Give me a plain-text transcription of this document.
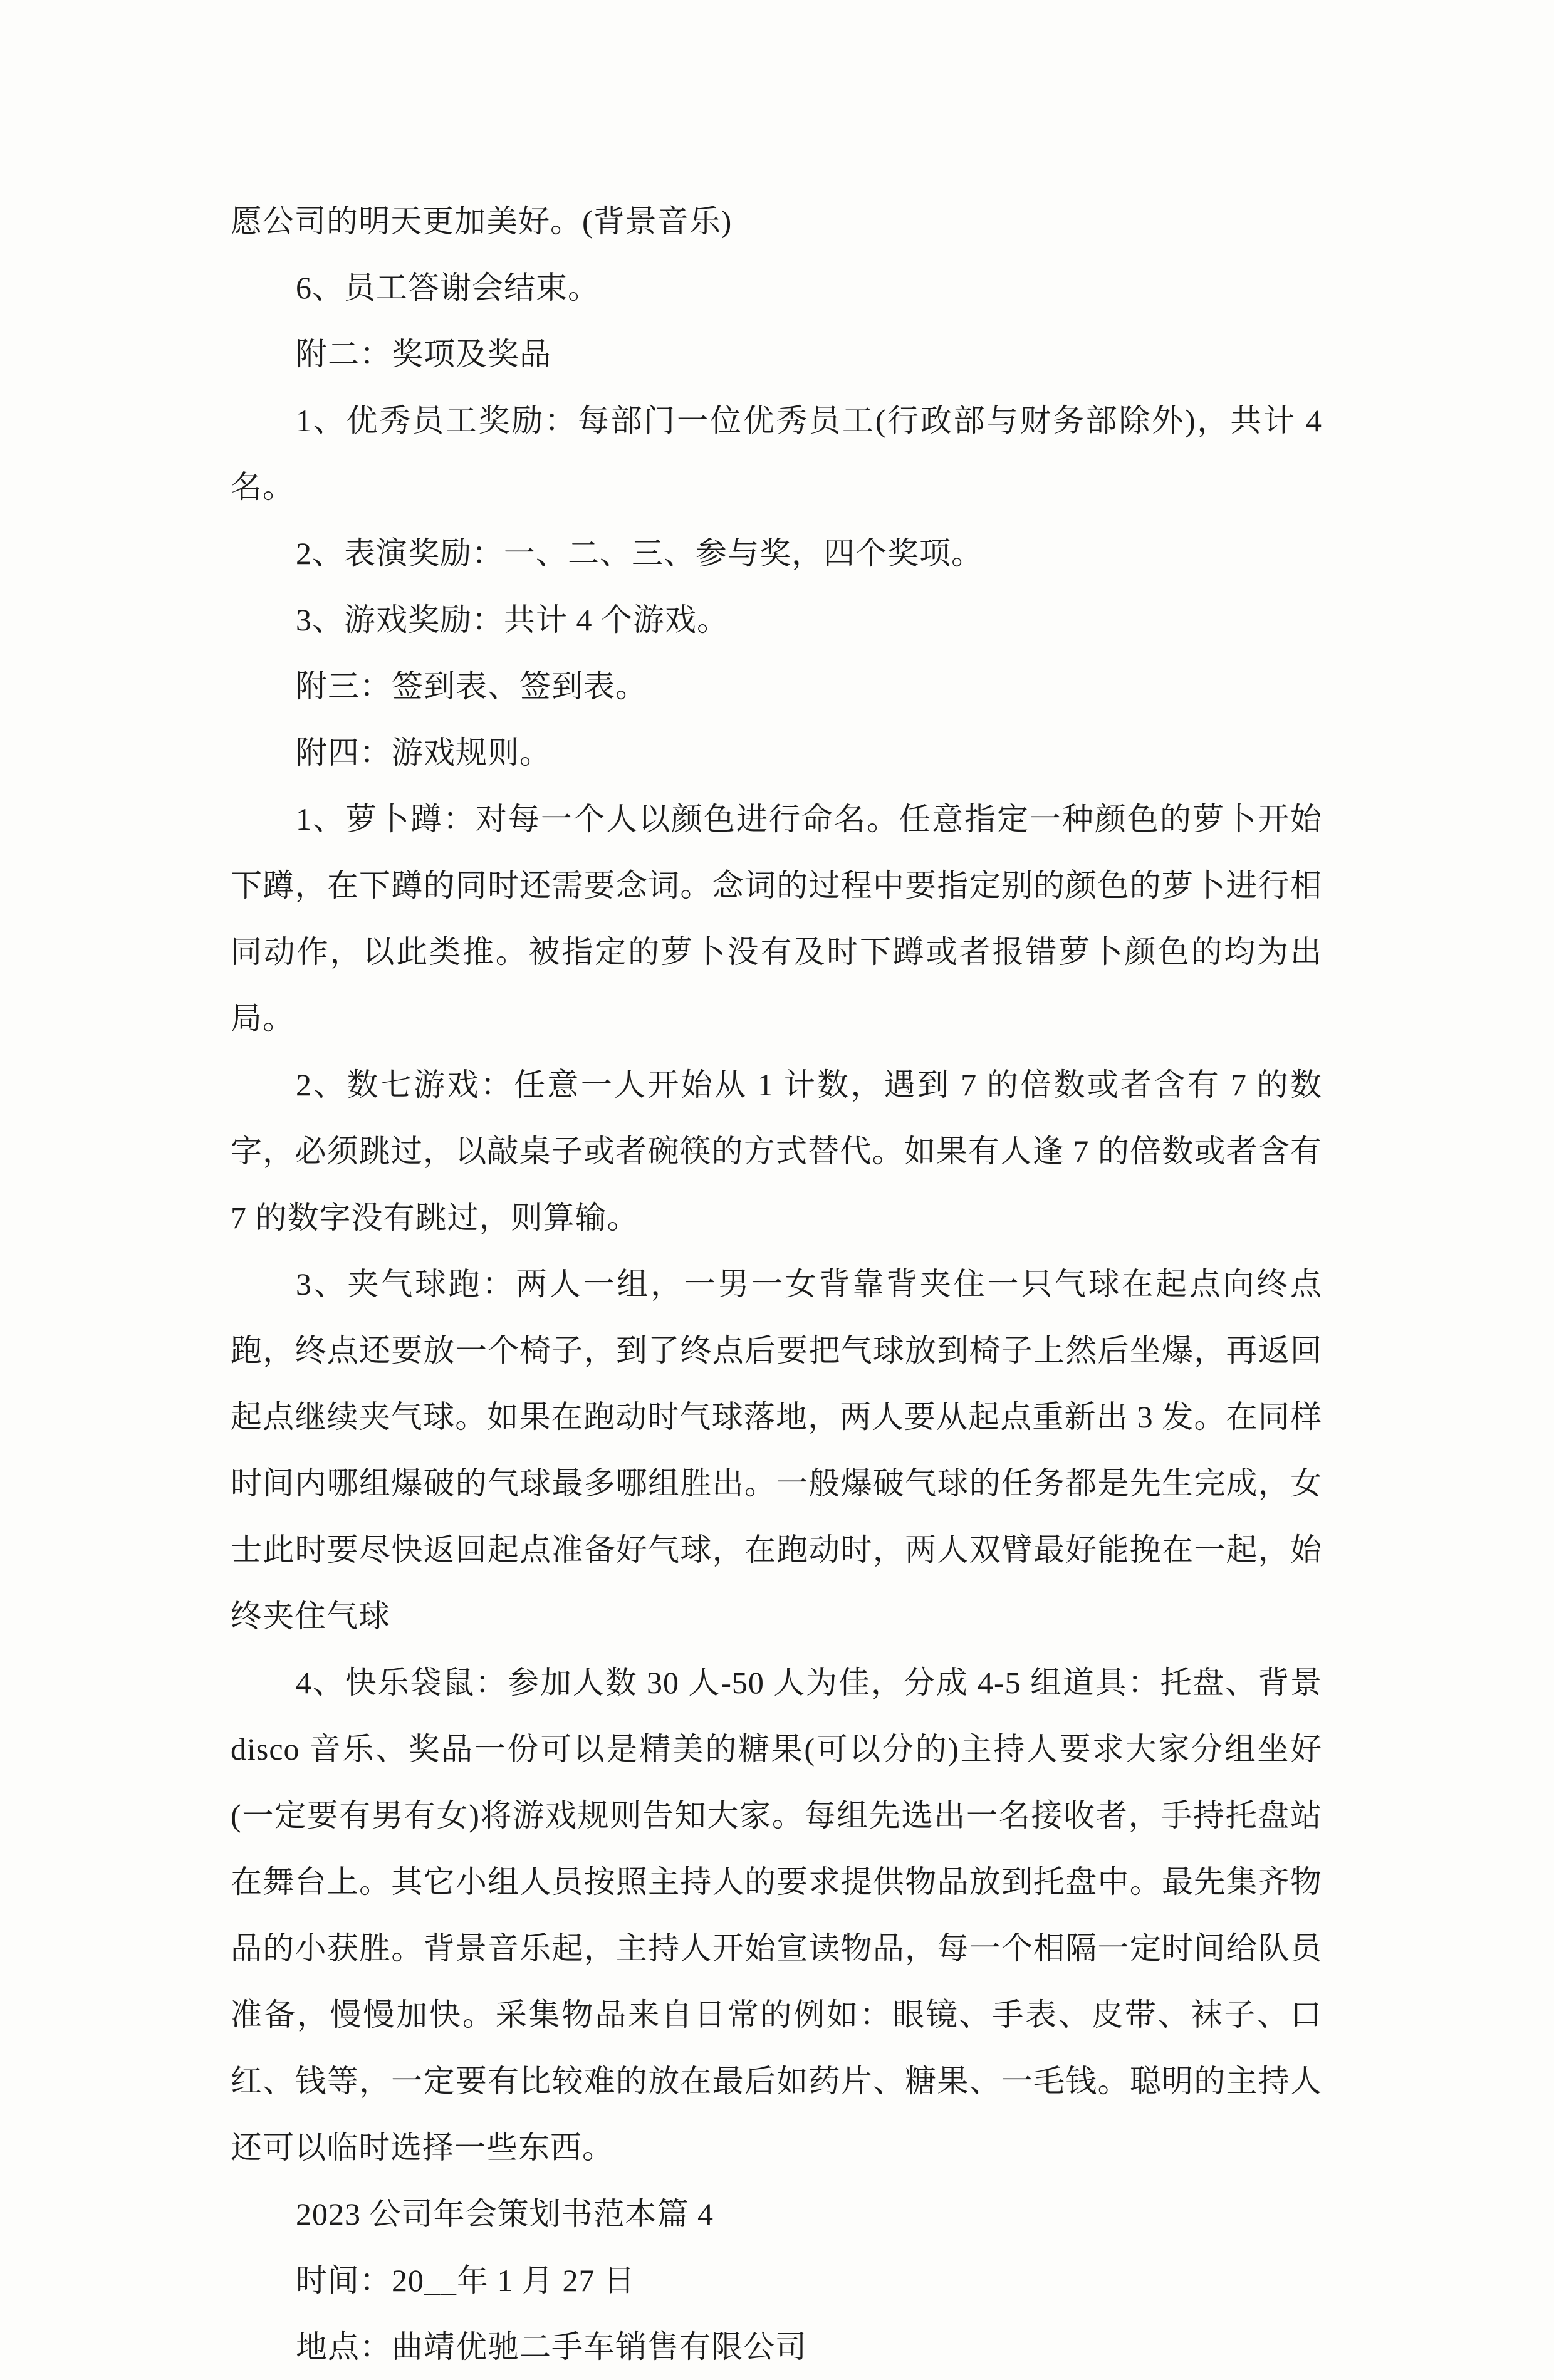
愿公司的明天更加美好。(背景音乐)

6、员工答谢会结束。

附二：奖项及奖品

1、优秀员工奖励：每部门一位优秀员工(行政部与财务部除外)，共计 4 名。

2、表演奖励：一、二、三、参与奖，四个奖项。

3、游戏奖励：共计 4 个游戏。

附三：签到表、签到表。

附四：游戏规则。

1、萝卜蹲：对每一个人以颜色进行命名。任意指定一种颜色的萝卜开始下蹲，在下蹲的同时还需要念词。念词的过程中要指定别的颜色的萝卜进行相同动作，以此类推。被指定的萝卜没有及时下蹲或者报错萝卜颜色的均为出局。

2、数七游戏：任意一人开始从 1 计数，遇到 7 的倍数或者含有 7 的数字，必须跳过，以敲桌子或者碗筷的方式替代。如果有人逢 7 的倍数或者含有 7 的数字没有跳过，则算输。

3、夹气球跑：两人一组，一男一女背靠背夹住一只气球在起点向终点跑，终点还要放一个椅子，到了终点后要把气球放到椅子上然后坐爆，再返回起点继续夹气球。如果在跑动时气球落地，两人要从起点重新出 3 发。在同样时间内哪组爆破的气球最多哪组胜出。一般爆破气球的任务都是先生完成，女士此时要尽快返回起点准备好气球，在跑动时，两人双臂最好能挽在一起，始终夹住气球

4、快乐袋鼠：参加人数 30 人-50 人为佳，分成 4-5 组道具：托盘、背景 disco 音乐、奖品一份可以是精美的糖果(可以分的)主持人要求大家分组坐好(一定要有男有女)将游戏规则告知大家。每组先选出一名接收者，手持托盘站在舞台上。其它小组人员按照主持人的要求提供物品放到托盘中。最先集齐物品的小获胜。背景音乐起，主持人开始宣读物品，每一个相隔一定时间给队员准备，慢慢加快。采集物品来自日常的例如：眼镜、手表、皮带、袜子、口红、钱等，一定要有比较难的放在最后如药片、糖果、一毛钱。聪明的主持人还可以临时选择一些东西。

2023 公司年会策划书范本篇 4

时间：20__年 1 月 27 日

地点：曲靖优驰二手车销售有限公司
